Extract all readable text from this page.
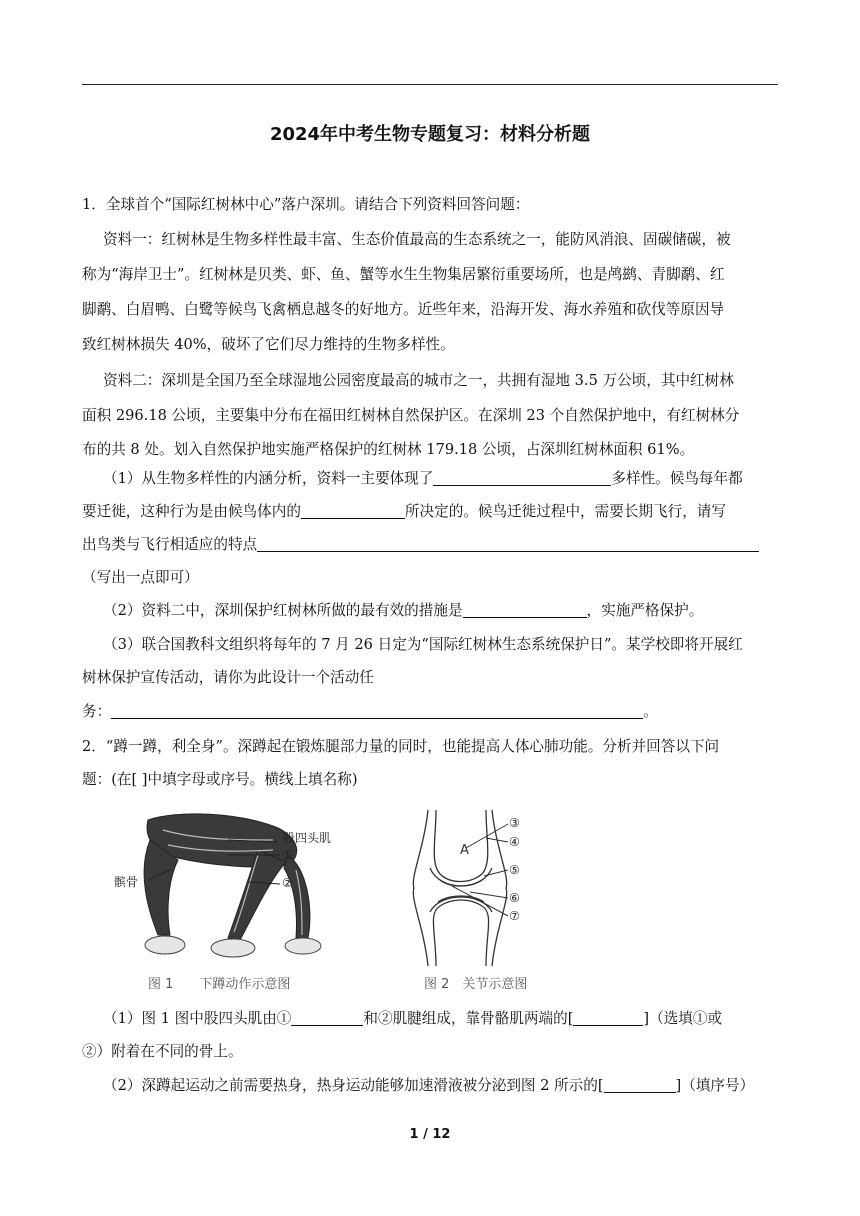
2024年中考生物专题复习：材料分析题
1．全球首个“国际红树林中心”落户深圳。请结合下列资料回答问题：
资料一：红树林是生物多样性最丰富、生态价值最高的生态系统之一，能防风消浪、固碳储碳，被
称为“海岸卫士”。红树林是贝类、虾、鱼、蟹等水生生物集居繁衍重要场所，也是鸬鹚、青脚鹬、红
脚鹬、白眉鸭、白鹭等候鸟飞禽栖息越冬的好地方。近些年来，沿海开发、海水养殖和砍伐等原因导
致红树林损失 40%，破坏了它们尽力维持的生物多样性。
资料二：深圳是全国乃至全球湿地公园密度最高的城市之一，共拥有湿地 3.5 万公顷，其中红树林
面积 296.18 公顷，主要集中分布在福田红树林自然保护区。在深圳 23 个自然保护地中，有红树林分
布的共 8 处。划入自然保护地实施严格保护的红树林 179.18 公顷，占深圳红树林面积 61%。
（1）从生物多样性的内涵分析，资料一主要体现了	多样性。候鸟每年都
要迁徙，这种行为是由候鸟体内的	所决定的。候鸟迁徙过程中，需要长期飞行，请写
出鸟类与飞行相适应的特点
（写出一点即可）
（2）资料二中，深圳保护红树林所做的最有效的措施是	，实施严格保护。
（3）联合国教科文组织将每年的 7 月 26 日定为“国际红树林生态系统保护日”。某学校即将开展红
树林保护宣传活动，请你为此设计一个活动任
务：	。
2．“蹲一蹲，利全身”。深蹲起在锻炼腿部力量的同时，也能提高人体心肺功能。分析并回答以下问
题：(在[ ]中填字母或序号。横线上填名称)
股四头肌
①
髌骨	②
图 1　　下蹲动作示意图
A
③
④
⑤
⑥
⑦
图 2　关节示意图
（1）图 1 图中股四头肌由①	和②肌腱组成，靠骨骼肌两端的[	]（选填①或
②）附着在不同的骨上。
（2）深蹲起运动之前需要热身，热身运动能够加速滑液被分泌到图 2 所示的[	]（填序号）
1 / 12
